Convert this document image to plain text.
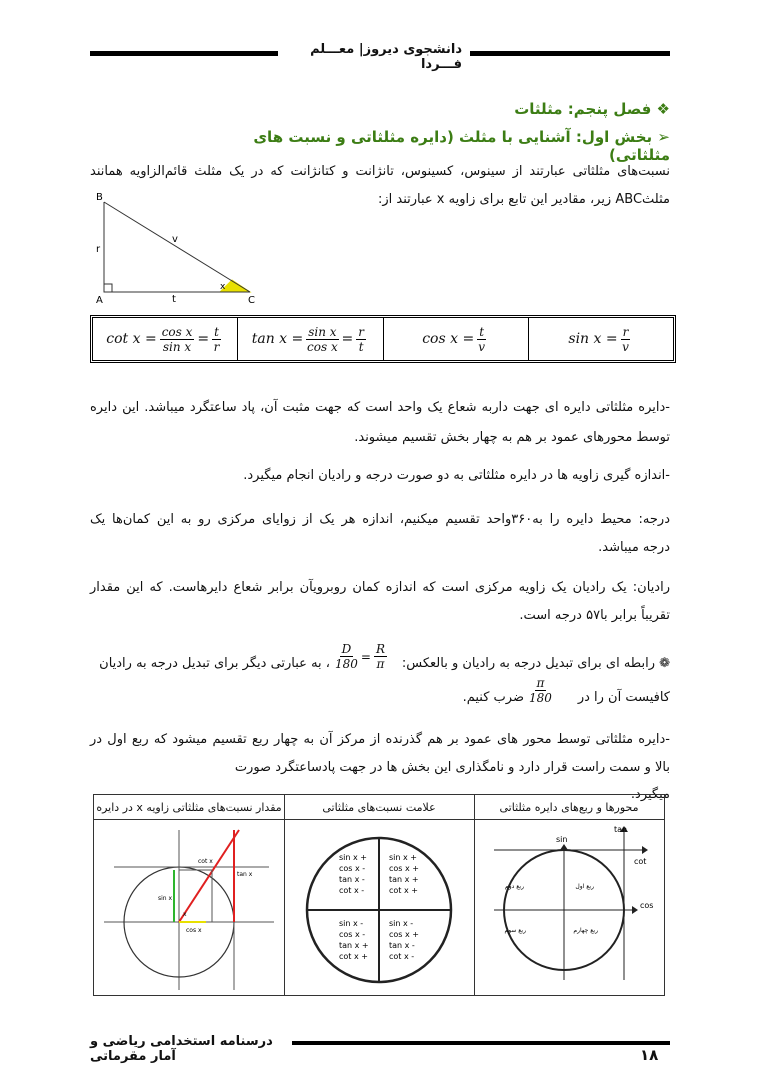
دانشجوی دیروز| معـــلم فـــردا
❖ فصل پنجم: مثلثات
➢ بخش اول: آشنایی با مثلث (دایره مثلثاتی و نسبت های مثلثاتی)
نسبت‌های مثلثاتی عبارتند از سینوس، کسینوس، تانژانت و کتانژانت که در یک مثلث قائم‌الزاویه همانند
مثلثABC زیر، مقادیر این تابع برای زاویه x عبارتند از:
B
A	C
r
v
t
x
$\cot x = \frac{\text{cos x}}{\text{sin x}} = \frac{t}{r}$ $\tan x = \frac{\text{sin x}}{\text{cos x}} = \frac{r}{t}$	$\cos x = \frac{t}{v}$	$\sin x = \frac{r}{v}$
-دایره مثلثاتی دایره ای جهت دارﺑﻪ شعاع یک واحد است که جهت مثبت آن، پاد ساعتگرد میباشد. این دایره
توسط محورهای عمود بر هم به چهار بخش تقسیم میشوند.
-اندازه گیری زاویه ها در دایره مثلثاتی به دو صورت درجه و رادیان انجام میگیرد.
درجه: محیط دایره را به۳۶۰واحد تقسیم میکنیم، اندازه هر یک از زوایای مرکزی رو به این کمان‌ها یک
درجه میباشد.
رادیان: یک رادیان یک زاویه مرکزی است که اندازه کمان روبرویآن برابر شعاع دایرهاست. که این مقدار
تقریباً برابر با۵۷ درجه است.
❁ رابطه ای برای تبدیل درجه به رادیان و بالعکس:
$\frac{D}{180} = \frac{R}{\pi}$
، به عبارتی دیگر برای تبدیل درجه به رادیان
کافیست آن را در
$\frac{\pi}{180}$
ضرب کنیم.
-دایره مثلثاتی توسط محور های عمود بر هم گذرنده از مرکز آن به چهار ربع تقسیم میشود که ربع اول در
بالا و سمت راست قرار دارد و نامگذاری این بخش ها در جهت پادساعتگرد صورت میگیرد.
مقدار نسبت‌های مثلثاتی زاویه x در دایره	علامت نسبت‌های مثلثاتی	محورها و ربع‌های دایره مثلثاتی
cot x
tan x
sin x
cos x
x
sin x +
cos x -
tan x -
cot x -
sin x +
cos x +
tan x +
cot x +
sin x -
cos x -
tan x +
cot x +
sin x -
cos x +
tan x -
cot x -
tan
sin
cot
cos
ربع دوم	ربع اول
ربع سوم	ربع چهارم
درسنامه استخدامی ریاضی و آمار مقرماتی	۱۸
